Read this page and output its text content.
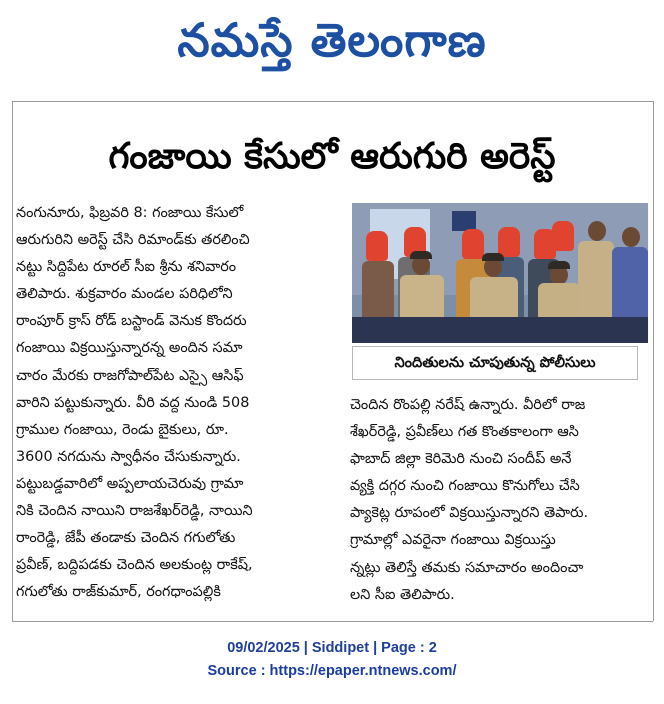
నమస్తే తెలంగాణ
గంజాయి కేసులో ఆరుగురి అరెస్ట్
నంగునూరు, ఫిబ్రవరి 8: గంజాయి కేసులో
ఆరుగురిని అరెస్ట్ చేసి రిమాండ్‌కు తరలించి
నట్టు సిద్దిపేట రూరల్ సీఐ శ్రీను శనివారం
తెలిపారు. శుక్రవారం మండల పరిధిలోని
రాంపూర్ క్రాస్ రోడ్ బస్టాండ్ వెనుక కొందరు
గంజాయి విక్రయిస్తున్నారన్న అందిన సమా
చారం మేరకు రాజగోపాల్‌పేట ఎస్సై ఆసిఫ్
వారిని పట్టుకున్నారు. వీరి వద్ద నుండి 508
గ్రాముల గంజాయి, రెండు బైకులు, రూ.
3600 నగదును స్వాధీనం చేసుకున్నారు.
పట్టుబడ్డవారిలో అప్పలాయచెరువు గ్రామా
నికి చెందిన నాయిని రాజశేఖర్‌రెడ్డి, నాయిని
రాంరెడ్డి, జేపీ తండాకు చెందిన గగులోతు
ప్రవీణ్, బద్దిపడకు చెందిన అలకుంట్ల రాకేష్,
గగులోతు రాజ్‌కుమార్, రంగధాంపల్లికి
నిందితులను చూపుతున్న పోలీసులు
చెందిన రొంపల్లి నరేష్ ఉన్నారు. వీరిలో రాజ
శేఖర్‌రెడ్డి, ప్రవీణ్‌లు గత కొంతకాలంగా ఆసి
ఫాబాద్ జిల్లా కెరిమెరి నుంచి సందీప్ అనే
వ్యక్తి దగ్గర నుంచి గంజాయి కొనుగోలు చేసి
ప్యాకెట్ల రూపంలో విక్రయిస్తున్నారని తెపారు.
గ్రామాల్లో ఎవరైనా గంజాయి విక్రయిస్తు
న్నట్లు తెలిస్తే తమకు సమాచారం అందించా
లని సీఐ తెలిపారు.
09/02/2025 | Siddipet | Page : 2
Source : https://epaper.ntnews.com/
